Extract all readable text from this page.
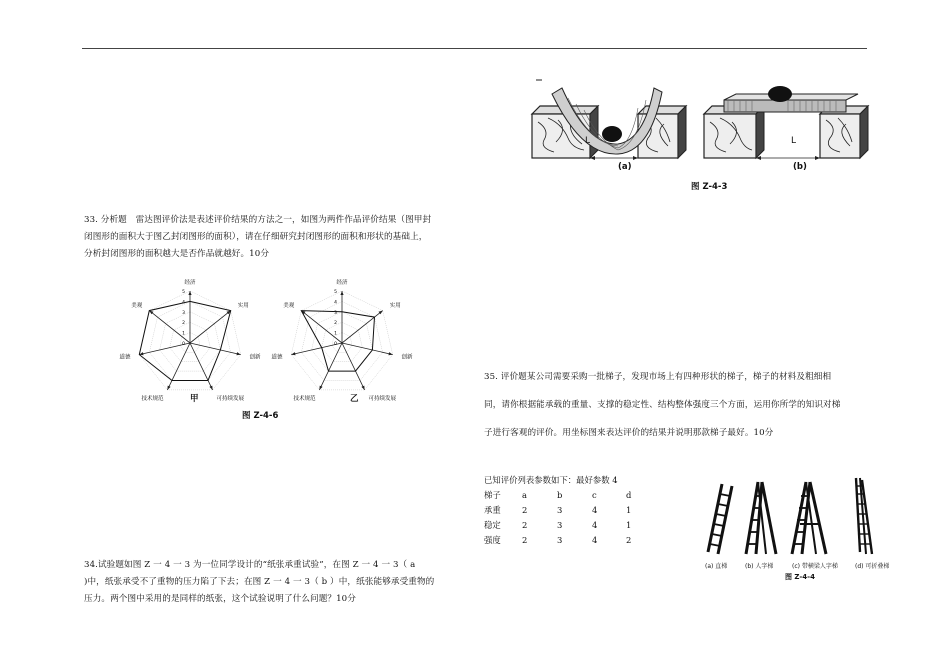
33. 分析题　雷达图评价法是表述评价结果的方法之一，如图为两件作品评价结果（图甲封
闭图形的面积大于图乙封闭图形的面积），请在仔细研究封闭图形的面积和形状的基础上，
分析封闭图形的面积越大是否作品就越好。10分
经济
实用
创新
可持续发展
技术规范
道德
美观
0
1
2
3
4
5
经济
实用
创新
可持续发展
技术规范
道德
美观
0
1
2
3
4
5
甲	乙
图 Z-4-6
34.试验题如图 Z 一 4 一 3 为一位同学设计的“纸张承重试验”，在图 Z 一 4 一 3（ a
)中，纸张承受不了重物的压力陷了下去；在图 Z 一 4 一 3（ b ）中，纸张能够承受重物的
压力。两个图中采用的是同样的纸张，这个试验说明了什么问题？10分
L	L
(a)	(b)
图 Z-4-3
35. 评价题某公司需要采购一批梯子，发现市场上有四种形状的梯子，梯子的材料及粗细相
同，请你根据能承载的重量、支撑的稳定性、结构整体强度三个方面，运用你所学的知识对梯
子进行客观的评价。用坐标图来表达评价的结果并说明那款梯子最好。10分
已知评价列表参数如下：最好参数 4
梯子	a	b	c	d
承重	2	3	4	1
稳定	2	3	4	1
强度	2	3	4	2
(a) 直梯	(b) 人字梯	(c) 带横梁人字梯	(d) 可折叠梯
图 Z-4-4
